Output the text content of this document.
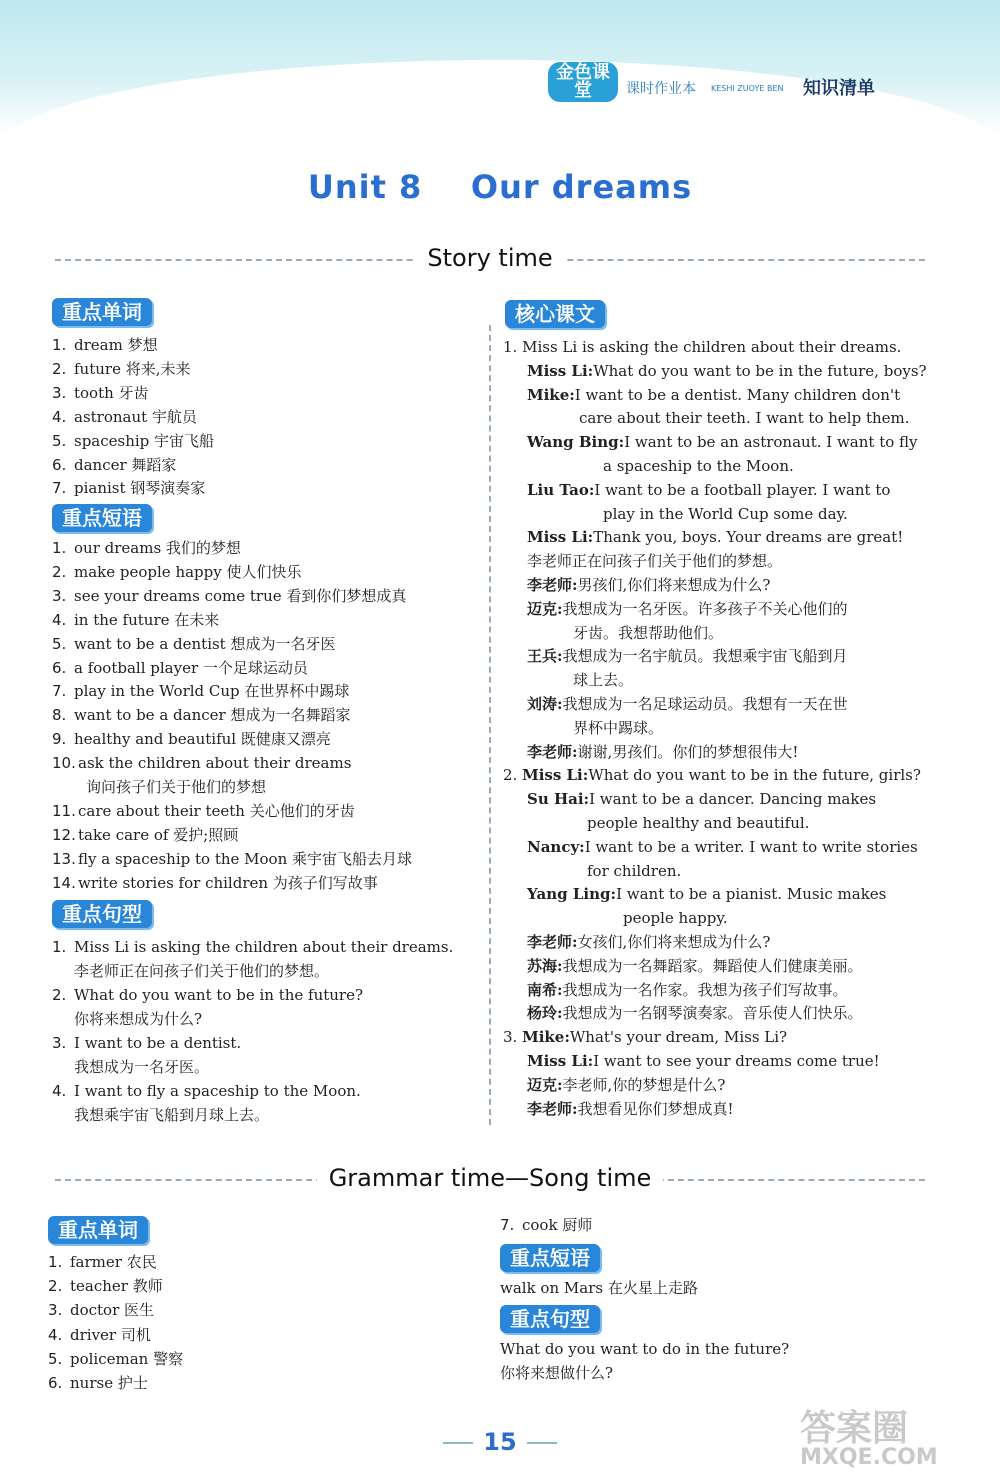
金色课堂	课时作业本 KESHI ZUOYE BEN 知识清单
Unit 8    Our dreams
Story time
重点单词
1. dream 梦想
2. future 将来,未来
3. tooth 牙齿
4. astronaut 宇航员
5. spaceship 宇宙飞船
6. dancer 舞蹈家
7. pianist 钢琴演奏家
重点短语
1. our dreams 我们的梦想
2. make people happy 使人们快乐
3. see your dreams come true 看到你们梦想成真
4. in the future 在未来
5. want to be a dentist 想成为一名牙医
6. a football player 一个足球运动员
7. play in the World Cup 在世界杯中踢球
8. want to be a dancer 想成为一名舞蹈家
9. healthy and beautiful 既健康又漂亮
10. ask the children about their dreams
询问孩子们关于他们的梦想
11. care about their teeth 关心他们的牙齿
12. take care of 爱护;照顾
13. fly a spaceship to the Moon 乘宇宙飞船去月球
14. write stories for children 为孩子们写故事
重点句型
1. Miss Li is asking the children about their dreams.
李老师正在问孩子们关于他们的梦想。
2. What do you want to be in the future?
你将来想成为什么?
3. I want to be a dentist.
我想成为一名牙医。
4. I want to fly a spaceship to the Moon.
我想乘宇宙飞船到月球上去。
核心课文
1. Miss Li is asking the children about their dreams.
Miss Li:What do you want to be in the future, boys?
Mike:I want to be a dentist. Many children don't
care about their teeth. I want to help them.
Wang Bing:I want to be an astronaut. I want to fly
a spaceship to the Moon.
Liu Tao:I want to be a football player. I want to
play in the World Cup some day.
Miss Li:Thank you, boys. Your dreams are great!
李老师正在问孩子们关于他们的梦想。
李老师:男孩们,你们将来想成为什么?
迈克:我想成为一名牙医。许多孩子不关心他们的
牙齿。我想帮助他们。
王兵:我想成为一名宇航员。我想乘宇宙飞船到月
球上去。
刘涛:我想成为一名足球运动员。我想有一天在世
界杯中踢球。
李老师:谢谢,男孩们。你们的梦想很伟大!
2. Miss Li:What do you want to be in the future, girls?
Su Hai:I want to be a dancer. Dancing makes
people healthy and beautiful.
Nancy:I want to be a writer. I want to write stories
for children.
Yang Ling:I want to be a pianist. Music makes
people happy.
李老师:女孩们,你们将来想成为什么?
苏海:我想成为一名舞蹈家。舞蹈使人们健康美丽。
南希:我想成为一名作家。我想为孩子们写故事。
杨玲:我想成为一名钢琴演奏家。音乐使人们快乐。
3. Mike:What's your dream, Miss Li?
Miss Li:I want to see your dreams come true!
迈克:李老师,你的梦想是什么?
李老师:我想看见你们梦想成真!
Grammar time—Song time
重点单词
1. farmer 农民
2. teacher 教师
3. doctor 医生
4. driver 司机
5. policeman 警察
6. nurse 护士
7. cook 厨师
重点短语
walk on Mars 在火星上走路
重点句型
What do you want to do in the future?
你将来想做什么?
15	答案圈
MXQE.COM
